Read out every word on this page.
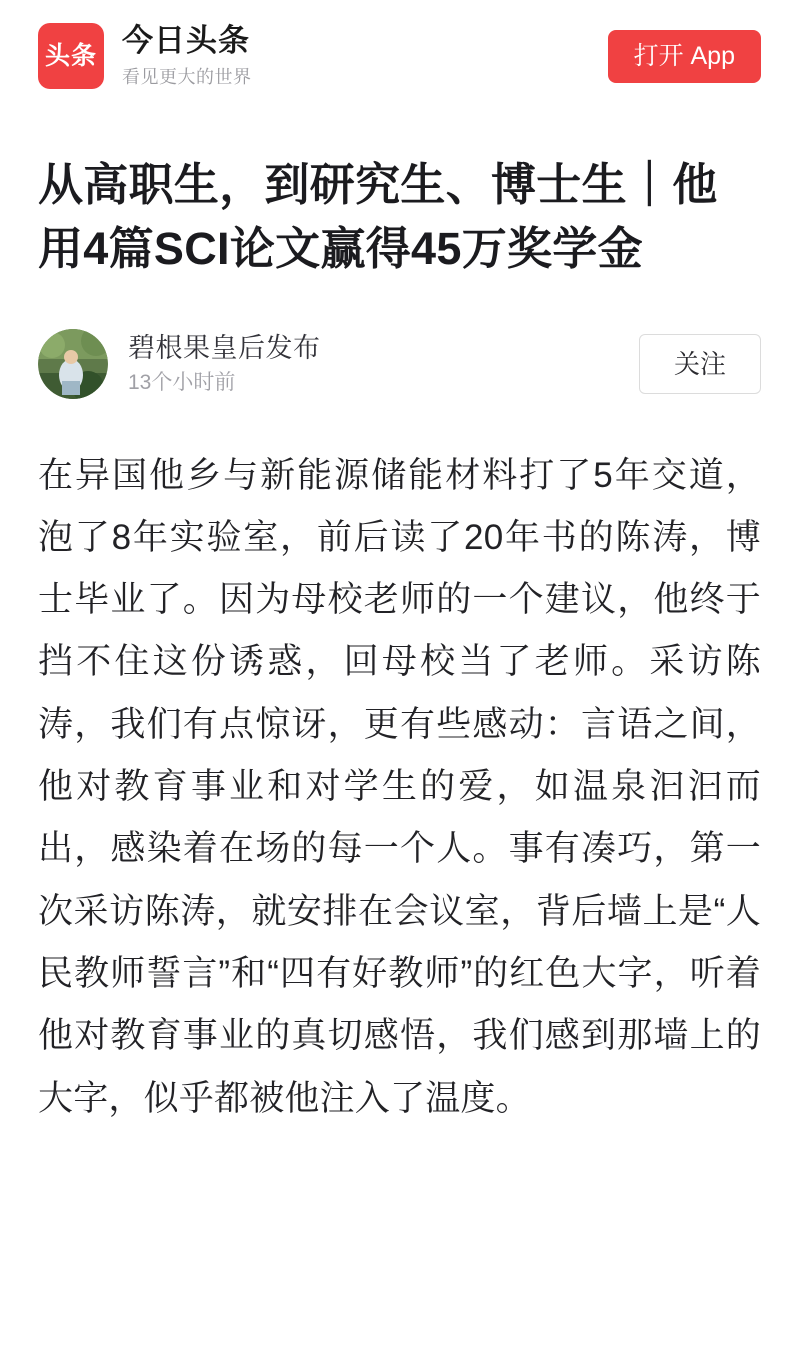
头条 今日头条
看见更大的世界
打开 App
从高职生，到研究生、博士生｜他用4篇SCI论文赢得45万奖学金
碧根果皇后发布
13个小时前
关注

在异国他乡与新能源储能材料打了5年交道，泡了8年实验室，前后读了20年书的陈涛，博士毕业了。因为母校老师的一个建议，他终于挡不住这份诱惑，回母校当了老师。采访陈涛，我们有点惊讶，更有些感动：言语之间，他对教育事业和对学生的爱，如温泉汩汩而出，感染着在场的每一个人。事有凑巧，第一次采访陈涛，就安排在会议室，背后墙上是“人民教师誓言”和“四有好教师”的红色大字，听着他对教育事业的真切感悟，我们感到那墙上的大字，似乎都被他注入了温度。
